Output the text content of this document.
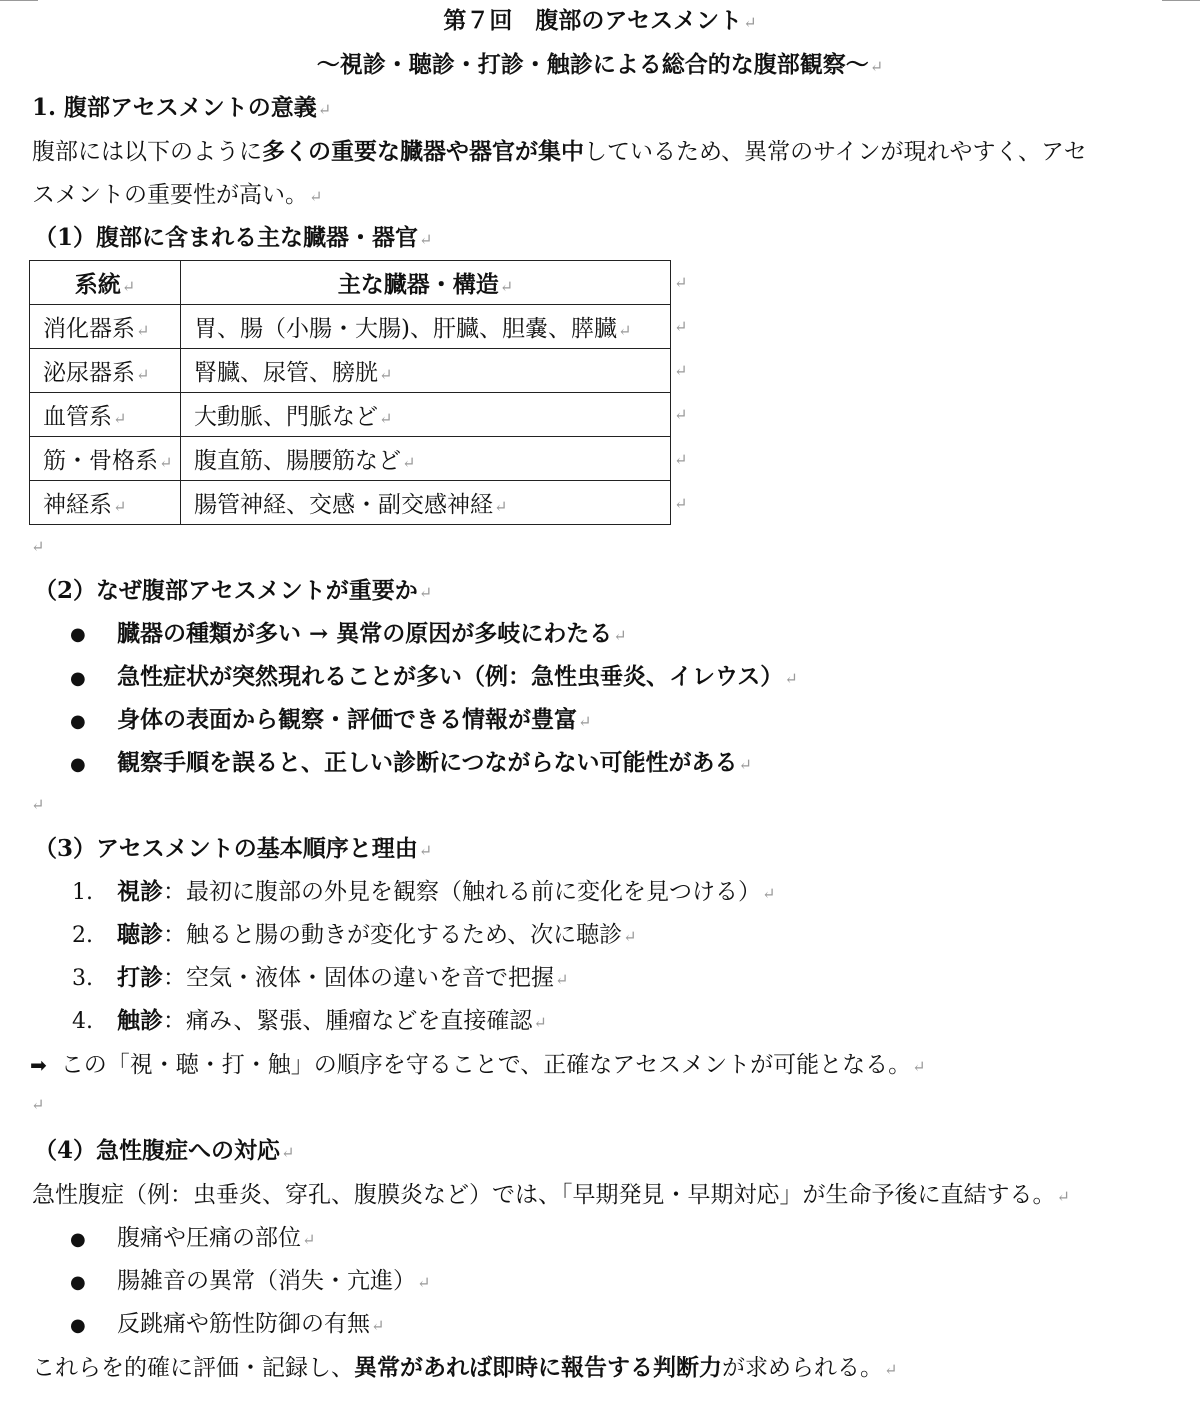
第７回　腹部のアセスメント↵
〜視診・聴診・打診・触診による総合的な腹部観察〜↵
1. 腹部アセスメントの意義↵
腹部には以下のように多くの重要な臓器や器官が集中しているため、異常のサインが現れやすく、アセ
スメントの重要性が高い。↵
（1）腹部に含まれる主な臓器・器官↵
系統↵	主な臓器・構造↵
消化器系↵	胃、腸（小腸・大腸)、肝臓、胆嚢、膵臓↵
泌尿器系↵	腎臓、尿管、膀胱↵
血管系↵	大動脈、門脈など↵
筋・骨格系↵	腹直筋、腸腰筋など↵
神経系↵	腸管神経、交感・副交感神経↵
↵
↵
↵
↵
↵
↵
↵
（2）なぜ腹部アセスメントが重要か↵
● 臓器の種類が多い → 異常の原因が多岐にわたる↵
● 急性症状が突然現れることが多い（例：急性虫垂炎、イレウス）↵
● 身体の表面から観察・評価できる情報が豊富↵
● 観察手順を誤ると、正しい診断につながらない可能性がある↵
↵
（3）アセスメントの基本順序と理由↵
1. 視診：最初に腹部の外見を観察（触れる前に変化を見つける）↵
2. 聴診：触ると腸の動きが変化するため、次に聴診↵
3. 打診：空気・液体・固体の違いを音で把握↵
4. 触診：痛み、緊張、腫瘤などを直接確認↵
➡ この「視・聴・打・触」の順序を守ることで、正確なアセスメントが可能となる。↵
↵
（4）急性腹症への対応↵
急性腹症（例：虫垂炎、穿孔、腹膜炎など）では、「早期発見・早期対応」が生命予後に直結する。↵
● 腹痛や圧痛の部位↵
● 腸雑音の異常（消失・亢進）↵
● 反跳痛や筋性防御の有無↵
これらを的確に評価・記録し、異常があれば即時に報告する判断力が求められる。↵
